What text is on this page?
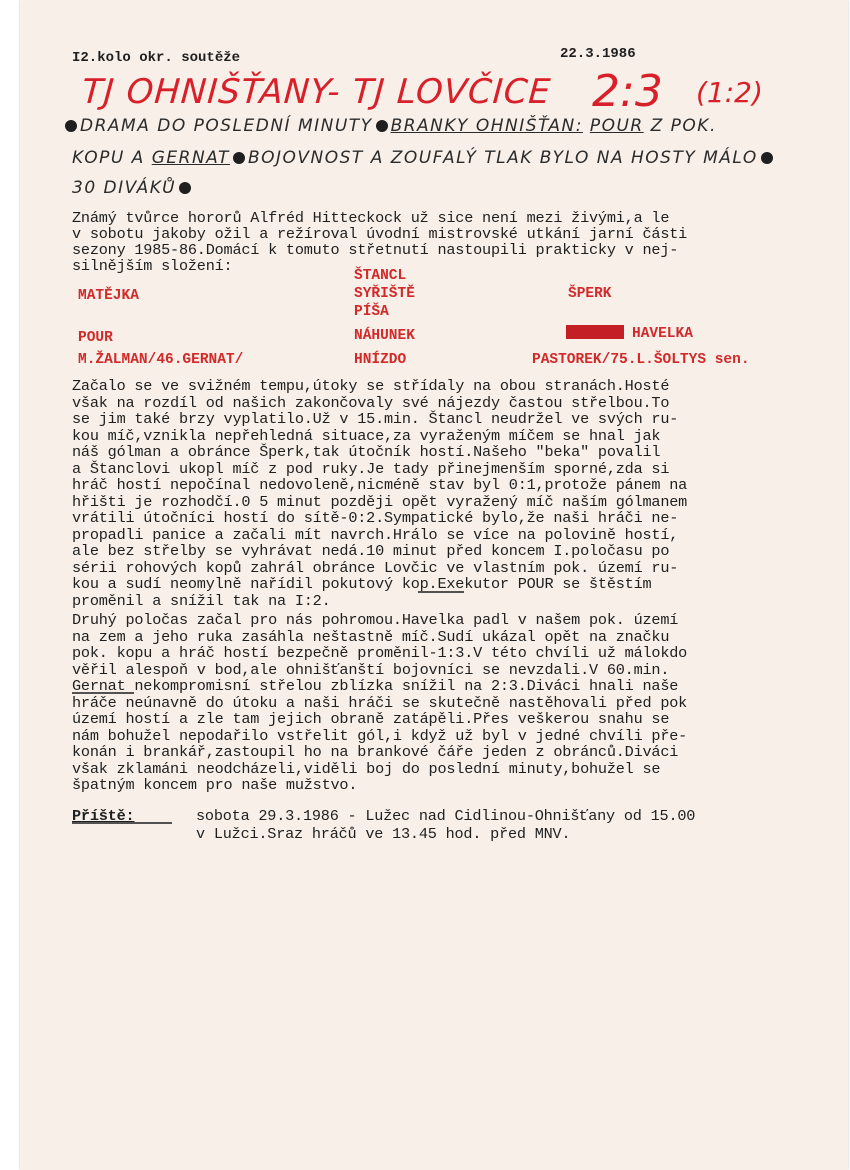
I2.kolo okr. soutěže	22.3.1986
TJ OHNIŠŤANY- TJ LOVČICE 2:3 (1:2)
DRAMA DO POSLEDNÍ MINUTY BRANKY OHNIŠŤAN: POUR Z POK.
KOPU A GERNAT BOJOVNOST A ZOUFALÝ TLAK BYLO NA HOSTY MÁLO
30 DIVÁKŮ
Známý tvůrce hororů Alfréd Hitteckock už sice není mezi živými,a le
v sobotu jakoby ožil a režíroval úvodní mistrovské utkání jarní části
sezony 1985-86.Domácí k tomuto střetnutí nastoupili prakticky v nej-
silnějším složení:
MATĚJKA
POUR
M.ŽALMAN/46.GERNAT/
ŠTANCL
SYŘIŠTĚ
PÍŠA
NÁHUNEK
HNÍZDO
ŠPERK
HAVELKA
PASTOREK/75.L.ŠOLTYS sen.
Začalo se ve svižném tempu,útoky se střídaly na obou stranách.Hosté
však na rozdíl od našich zakončovaly své nájezdy častou střelbou.To
se jim také brzy vyplatilo.Už v 15.min. Štancl neudržel ve svých ru-
kou míč,vznikla nepřehledná situace,za vyraženým míčem se hnal jak
náš gólman a obránce Šperk,tak útočník hostí.Našeho "beka" povalil
a Štanclovi ukopl míč z pod ruky.Je tady přinejmenším sporné,zda si
hráč hostí nepočínal nedovoleně,nicméně stav byl 0:1,protože pánem na
hřišti je rozhodčí.0 5 minut později opět vyražený míč naším gólmanem
vrátili útočníci hostí do sítě-0:2.Sympatické bylo,že naši hráči ne-
propadli panice a začali mít navrch.Hrálo se více na polovině hostí,
ale bez střelby se vyhrávat nedá.10 minut před koncem I.poločasu po
sérii rohových kopů zahrál obránce Lovčic ve vlastním pok. území ru-
kou a sudí neomylně nařídil pokutový kop.Exekutor POUR se štěstím
proměnil a snížil tak na I:2.
Druhý poločas začal pro nás pohromou.Havelka padl v našem pok. území
na zem a jeho ruka zasáhla neštastně míč.Sudí ukázal opět na značku
pok. kopu a hráč hostí bezpečně proměnil-1:3.V této chvíli už málokdo
věřil alespoň v bod,ale ohnišťanští bojovníci se nevzdali.V 60.min.
Gernat nekompromisní střelou zblízka snížil na 2:3.Diváci hnali naše
hráče neúnavně do útoku a naši hráči se skutečně nastěhovali před pok
území hostí a zle tam jejich obraně zatápěli.Přes veškerou snahu se
nám bohužel nepodařilo vstřelit gól,i když už byl v jedné chvíli pře-
konán i brankář,zastoupil ho na brankové čáře jeden z obránců.Diváci
však zklamáni neodcházeli,viděli boj do poslední minuty,bohužel se
špatným koncem pro naše mužstvo.
Příště:	sobota 29.3.1986 - Lužec nad Cidlinou-Ohnišťany od 15.00
v Lužci.Sraz hráčů ve 13.45 hod. před MNV.
